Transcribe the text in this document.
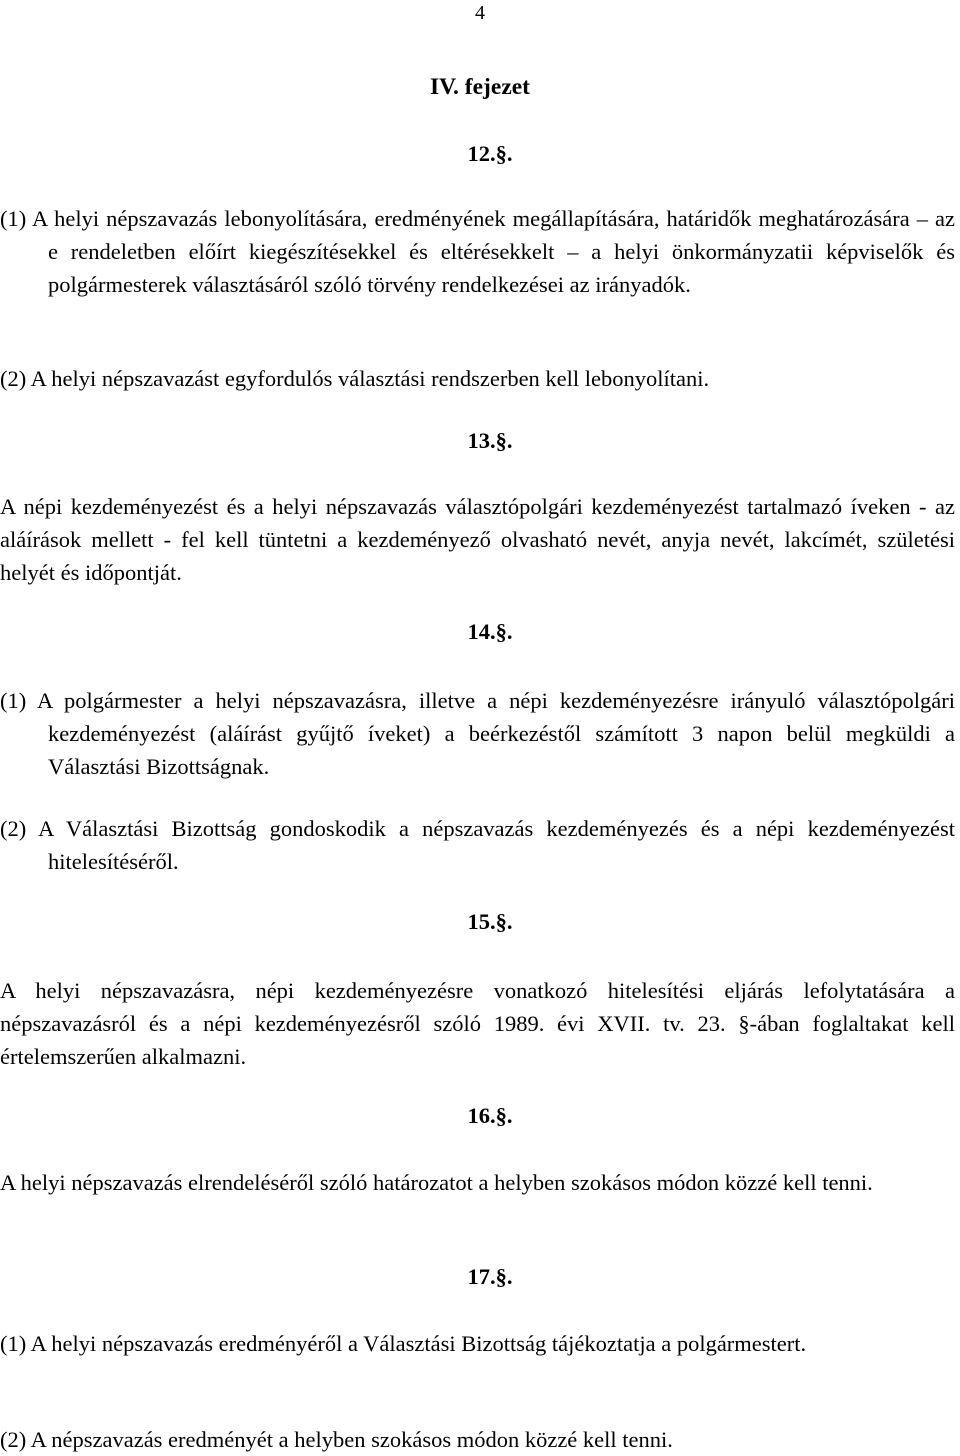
4
IV. fejezet
12.§.

(1) A helyi népszavazás lebonyolítására, eredményének megállapítására, határidők meghatározására – az e rendeletben előírt kiegészítésekkel és eltérésekkelt – a helyi önkormányzatii képviselők és polgármesterek választásáról szóló törvény rendelkezései az irányadók.

(2) A helyi népszavazást egyfordulós választási rendszerben kell lebonyolítani.

13.§.

A népi kezdeményezést és a helyi népszavazás választópolgári kezdeményezést tartalmazó íveken - az aláírások mellett - fel kell tüntetni a kezdeményező olvasható nevét, anyja nevét, lakcímét, születési helyét és időpontját.

14.§.

(1) A polgármester a helyi népszavazásra, illetve a népi kezdeményezésre irányuló választópolgári kezdeményezést (aláírást gyűjtő íveket) a beérkezéstől számított 3 napon belül megküldi a Választási Bizottságnak.

(2) A Választási Bizottság gondoskodik a népszavazás kezdeményezés és a népi kezdeményezést hitelesítéséről.

15.§.

A helyi népszavazásra, népi kezdeményezésre vonatkozó hitelesítési eljárás lefolytatására a népszavazásról és a népi kezdeményezésről szóló 1989. évi XVII. tv. 23. §-ában foglaltakat kell értelemszerűen alkalmazni.

16.§.

A helyi népszavazás elrendeléséről szóló határozatot a helyben szokásos módon közzé kell tenni.

17.§.

(1) A helyi népszavazás eredményéről a Választási Bizottság tájékoztatja a polgármestert.

(2) A népszavazás eredményét a helyben szokásos módon közzé kell tenni.
